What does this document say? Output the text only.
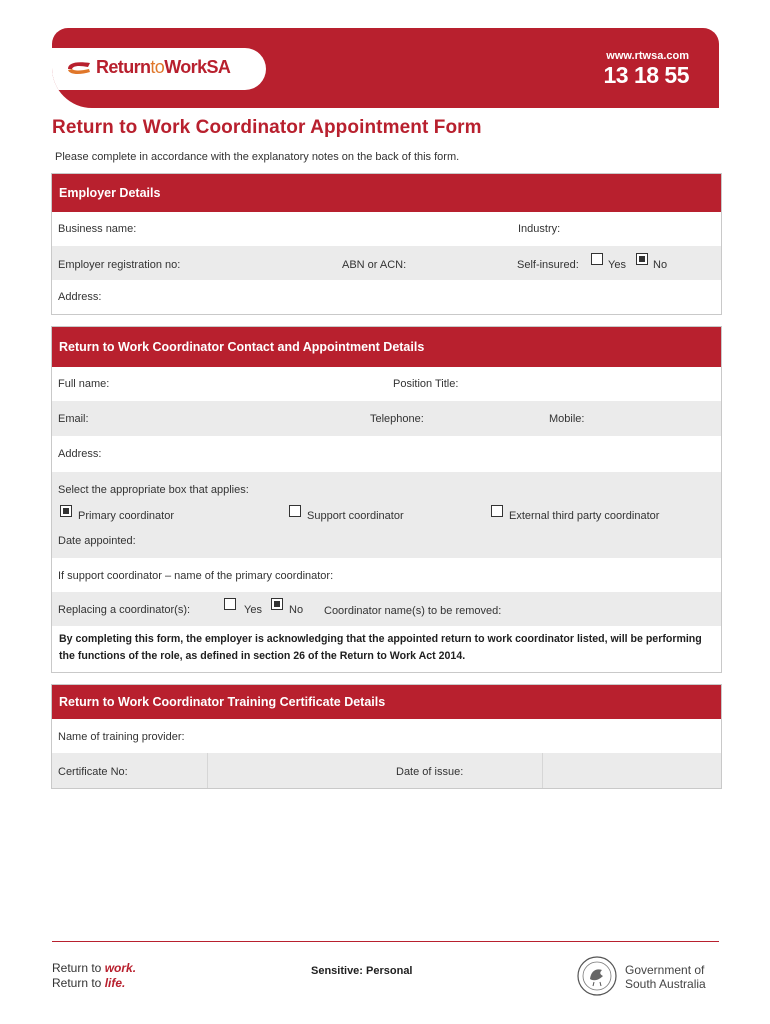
ReturntoWorkSA
www.rtwsa.com
13 18 55
Return to Work Coordinator Appointment Form
Please complete in accordance with the explanatory notes on the back of this form.
Employer Details
Business name:	Industry:
Employer registration no:	ABN or ACN:	Self-insured:	Yes No
Address:
Return to Work Coordinator Contact and Appointment Details
Full name:	Position Title:
Email:	Telephone:	Mobile:
Address:
Select the appropriate box that applies:
Primary coordinator	Support coordinator	External third party coordinator
Date appointed:
If support coordinator – name of the primary coordinator:
Replacing a coordinator(s):	Yes No Coordinator name(s) to be removed:
By completing this form, the employer is acknowledging that the appointed return to work coordinator listed, will be performing the functions of the role, as defined in section 26 of the Return to Work Act 2014.
Return to Work Coordinator Training Certificate Details
Name of training provider:
Certificate No:	Date of issue:
Return to work.
Return to life.
Sensitive: Personal	Government of
South Australia
